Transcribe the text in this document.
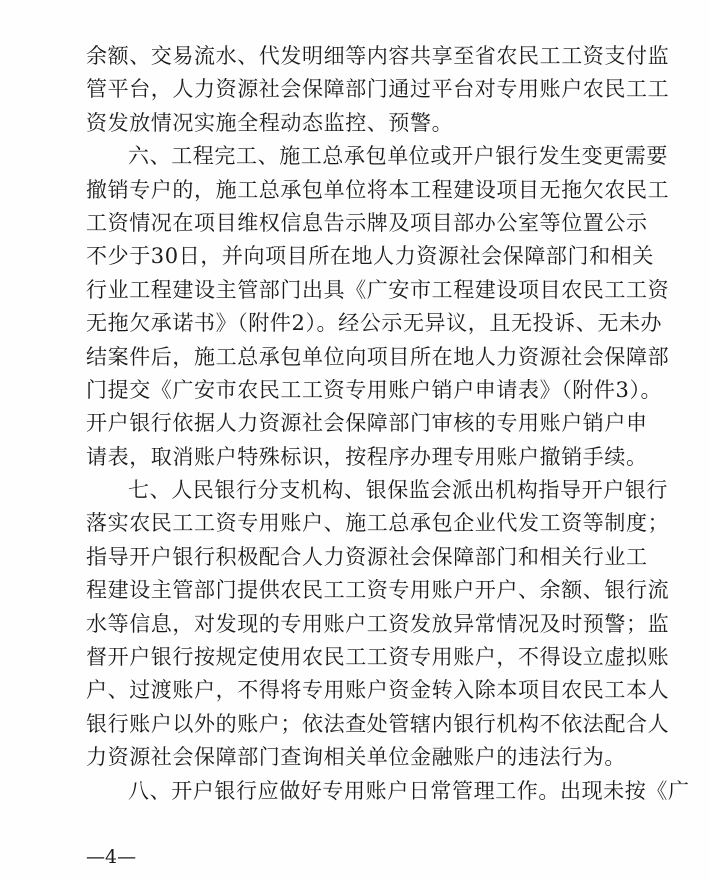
余额、交易流水、代发明细等内容共享至省农民工工资支付监
管平台，人力资源社会保障部门通过平台对专用账户农民工工
资发放情况实施全程动态监控、预警。
六、工程完工、施工总承包单位或开户银行发生变更需要
撤销专户的，施工总承包单位将本工程建设项目无拖欠农民工
工资情况在项目维权信息告示牌及项目部办公室等位置公示
不少于30日，并向项目所在地人力资源社会保障部门和相关
行业工程建设主管部门出具《广安市工程建设项目农民工工资
无拖欠承诺书》（附件2）。经公示无异议，且无投诉、无未办
结案件后，施工总承包单位向项目所在地人力资源社会保障部
门提交《广安市农民工工资专用账户销户申请表》（附件3）。
开户银行依据人力资源社会保障部门审核的专用账户销户申
请表，取消账户特殊标识，按程序办理专用账户撤销手续。
七、人民银行分支机构、银保监会派出机构指导开户银行
落实农民工工资专用账户、施工总承包企业代发工资等制度；
指导开户银行积极配合人力资源社会保障部门和相关行业工
程建设主管部门提供农民工工资专用账户开户、余额、银行流
水等信息，对发现的专用账户工资发放异常情况及时预警；监
督开户银行按规定使用农民工工资专用账户，不得设立虚拟账
户、过渡账户，不得将专用账户资金转入除本项目农民工本人
银行账户以外的账户；依法查处管辖内银行机构不依法配合人
力资源社会保障部门查询相关单位金融账户的违法行为。
八、开户银行应做好专用账户日常管理工作。出现未按《广
—4—
